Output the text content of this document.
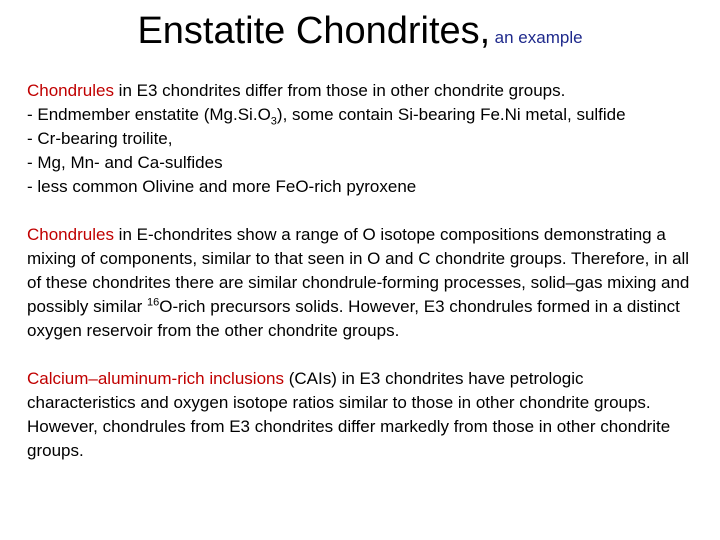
Enstatite Chondrites, an example

Chondrules in E3 chondrites differ from those in other chondrite groups.
- Endmember enstatite $(Mg.Si.O_3)$, some contain Si-bearing Fe.Ni metal, sulfide
- Cr-bearing troilite,
- Mg, Mn- and Ca-sulfides
- less common Olivine and more FeO-rich pyroxene

Chondrules in E-chondrites show a range of O isotope compositions demonstrating a mixing of components, similar to that seen in O and C chondrite groups. Therefore, in all of these chondrites there are similar chondrule-forming processes, solid–gas mixing and possibly similar $^{16}$O-rich precursors solids. However, E3 chondrules formed in a distinct oxygen reservoir from the other chondrite groups.

Calcium–aluminum-rich inclusions (CAIs) in E3 chondrites have petrologic characteristics and oxygen isotope ratios similar to those in other chondrite groups. However, chondrules from E3 chondrites differ markedly from those in other chondrite groups.
